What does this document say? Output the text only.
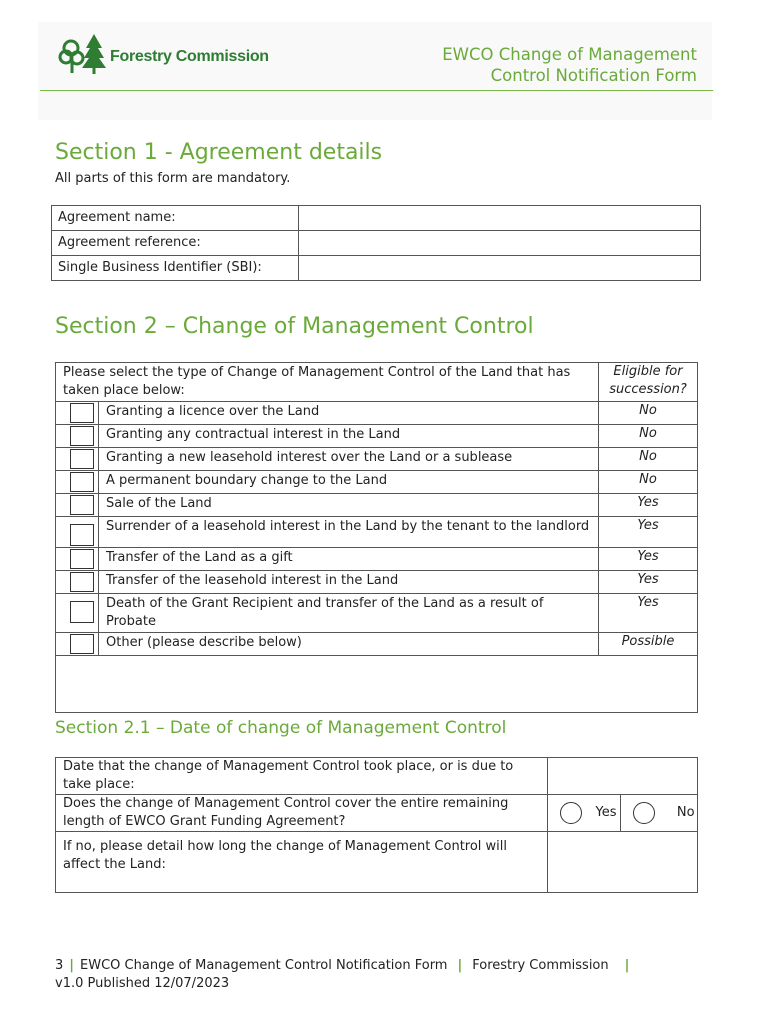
Forestry Commission	EWCO Change of Management
Control Notification Form
Section 1 - Agreement details
All parts of this form are mandatory.
Agreement name:	
Agreement reference:	
Single Business Identifier (SBI):	
Section 2 – Change of Management Control
Please select the type of Change of Management Control of the Land that has taken place below:		Eligible for succession?

	Granting a licence over the Land	No

	Granting any contractual interest in the Land	No

	Granting a new leasehold interest over the Land or a sublease	No

	A permanent boundary change to the Land	No

	Sale of the Land	Yes

	Surrender of a leasehold interest in the Land by the tenant to the landlord	Yes

	Transfer of the Land as a gift	Yes

	Transfer of the leasehold interest in the Land	Yes

	Death of the Grant Recipient and transfer of the Land as a result of Probate	Yes

	Other (please describe below)	Possible

Section 2.1 – Date of change of Management Control
Date that the change of Management Control took place, or is due to take place:		
Does the change of Management Control cover the entire remaining length of EWCO Grant Funding Agreement?	Yes	No

If no, please detail how long the change of Management Control will affect the Land:		
3 | EWCO Change of Management Control Notification Form | Forestry Commission |
v1.0 Published 12/07/2023
